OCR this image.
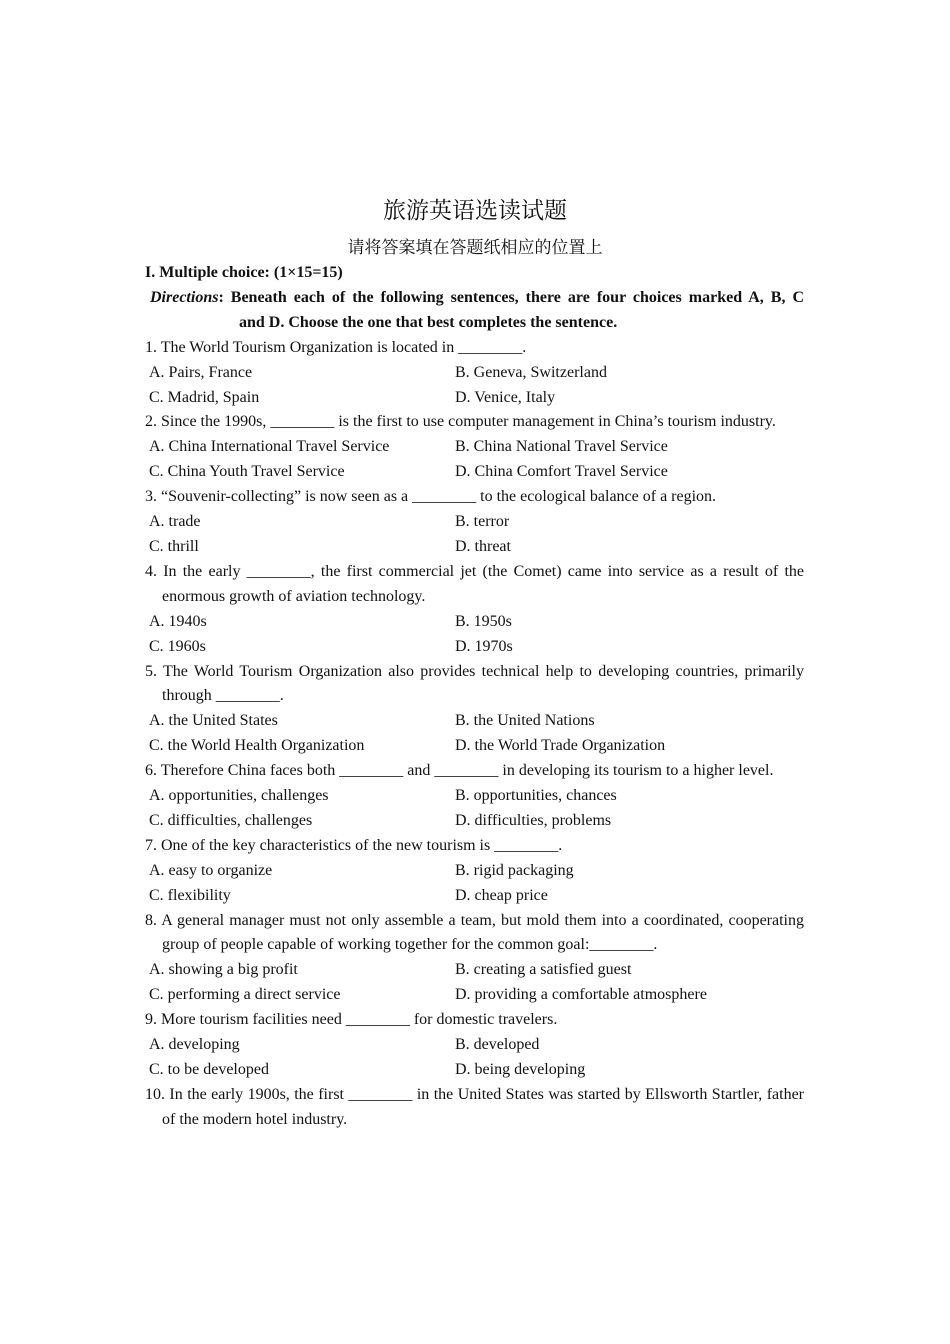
旅游英语选读试题
请将答案填在答题纸相应的位置上
I. Multiple choice: (1×15=15)
Directions: Beneath each of the following sentences, there are four choices marked A, B, C
and D. Choose the one that best completes the sentence.
1. The World Tourism Organization is located in ________.
A. Pairs, France	B. Geneva, Switzerland
C. Madrid, Spain	D. Venice, Italy
2. Since the 1990s, ________ is the first to use computer management in China’s tourism industry.
A. China International Travel Service	B. China National Travel Service
C. China Youth Travel Service	D. China Comfort Travel Service
3. “Souvenir-collecting” is now seen as a ________ to the ecological balance of a region.
A. trade	B. terror
C. thrill	D. threat
4. In the early ________, the first commercial jet (the Comet) came into service as a result of the enormous growth of aviation technology.
A. 1940s	B. 1950s
C. 1960s	D. 1970s
5. The World Tourism Organization also provides technical help to developing countries, primarily through ________.
A. the United States	B. the United Nations
C. the World Health Organization	D. the World Trade Organization
6. Therefore China faces both ________ and ________ in developing its tourism to a higher level.
A. opportunities, challenges	B. opportunities, chances
C. difficulties, challenges	D. difficulties, problems
7. One of the key characteristics of the new tourism is ________.
A. easy to organize	B. rigid packaging
C. flexibility	D. cheap price
8. A general manager must not only assemble a team, but mold them into a coordinated, cooperating group of people capable of working together for the common goal:________.
A. showing a big profit	B. creating a satisfied guest
C. performing a direct service	D. providing a comfortable atmosphere
9. More tourism facilities need ________ for domestic travelers.
A. developing	B. developed
C. to be developed	D. being developing
10. In the early 1900s, the first ________ in the United States was started by Ellsworth Startler, father of the modern hotel industry.
